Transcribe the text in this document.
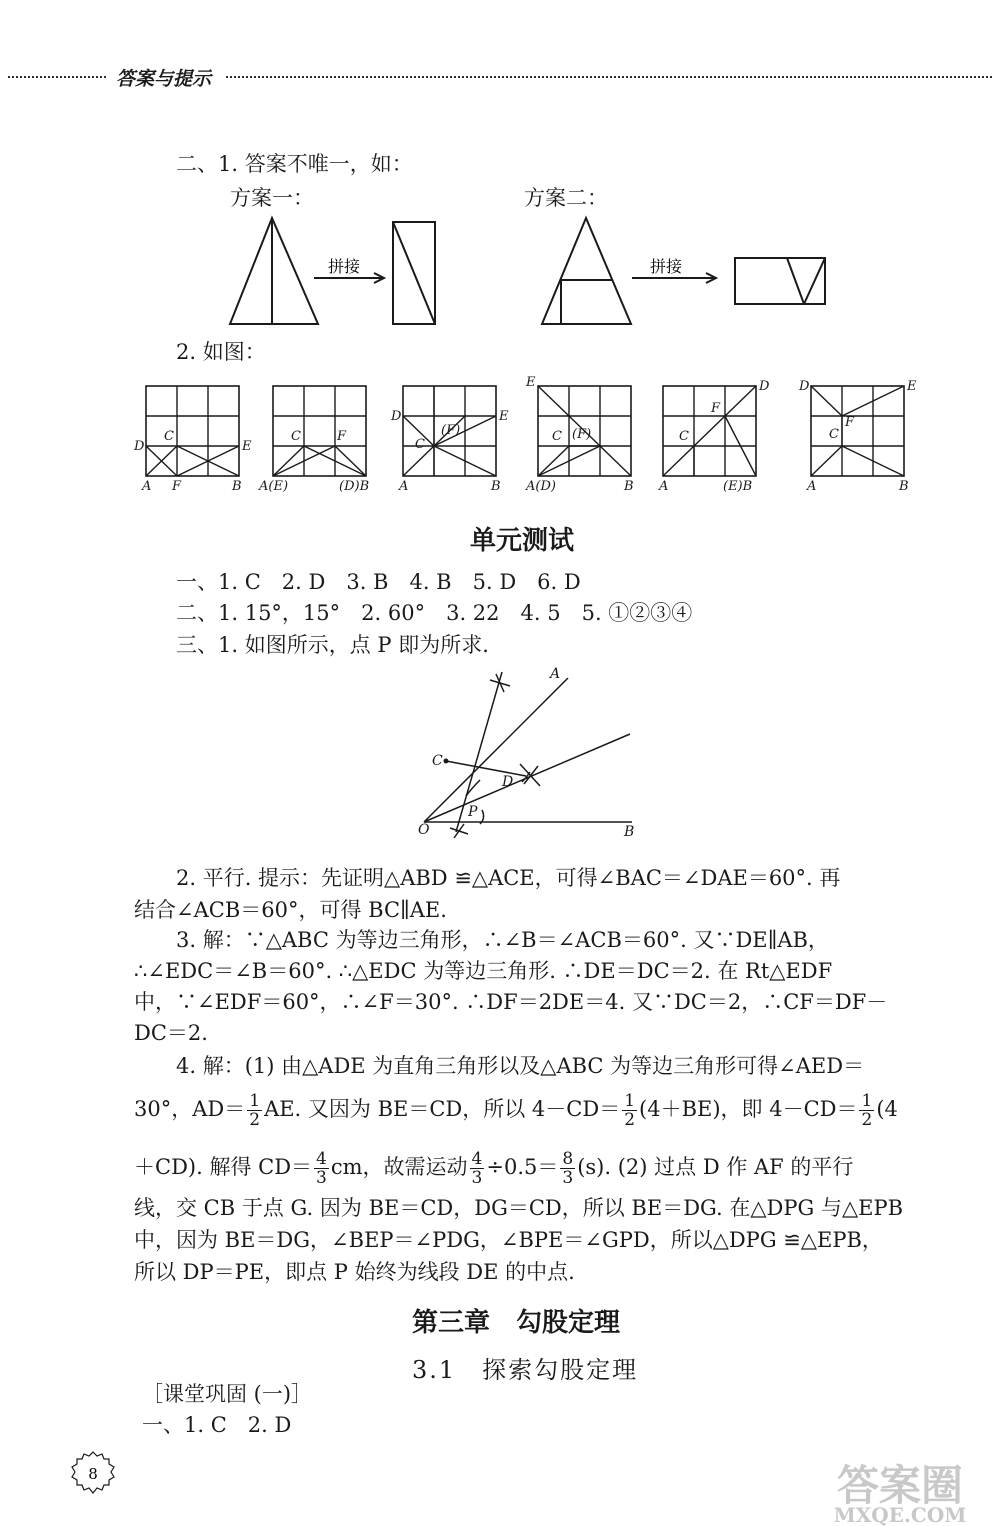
答案与提示
二、1. 答案不唯一，如：
方案一：	方案二：
拼接	拼接
2. 如图：
A F	B
C
D	E
A(E)	(D)B
C	F
A	B
D	E
C
(F)
E
A(D)	B
C (F)
A	(E)B
D
F
C
D	E
A	B
C
F
单元测试
一、1. C　2. D　3. B　4. B　5. D　6. D
二、1. 15°，15°　2. 60°　3. 22　4. 5　5. ①②③④
三、1. 如图所示，点 P 即为所求.
A
B
C
D
O
P
2. 平行. 提示：先证明△ABD ≌△ACE，可得∠BAC＝∠DAE＝60°. 再
结合∠ACB＝60°，可得 BC∥AE.
3. 解：∵△ABC 为等边三角形，∴∠B＝∠ACB＝60°. 又∵DE∥AB，
∴∠EDC＝∠B＝60°. ∴△EDC 为等边三角形. ∴DE＝DC＝2. 在 Rt△EDF
中，∵∠EDF＝60°，∴∠F＝30°. ∴DF＝2DE＝4. 又∵DC＝2，∴CF＝DF－
DC＝2.
4. 解：(1) 由△ADE 为直角三角形以及△ABC 为等边三角形可得∠AED＝
30°，$AD= \frac{1}{2}$ AE. 又因为 BE＝CD，所以 $4-CD= \frac{1}{2} (4+BE)$，即 $4-CD= \frac{1}{2} (4$
＋CD). 解得 $CD= \frac{4}{3}$ cm，故需运动 $\frac{4}{3} \div 0.5= \frac{8}{3} (s)$. (2) 过点 D 作 AF 的平行
线，交 CB 于点 G. 因为 BE＝CD，DG＝CD，所以 BE＝DG. 在△DPG 与△EPB
中，因为 BE＝DG，∠BEP＝∠PDG，∠BPE＝∠GPD，所以△DPG ≌△EPB，
所以 DP＝PE，即点 P 始终为线段 DE 的中点.
第三章　勾股定理
3.1　探索勾股定理
［课堂巩固 (一)］
一、1. C　2. D
8	答案圈
MXQE.COM
